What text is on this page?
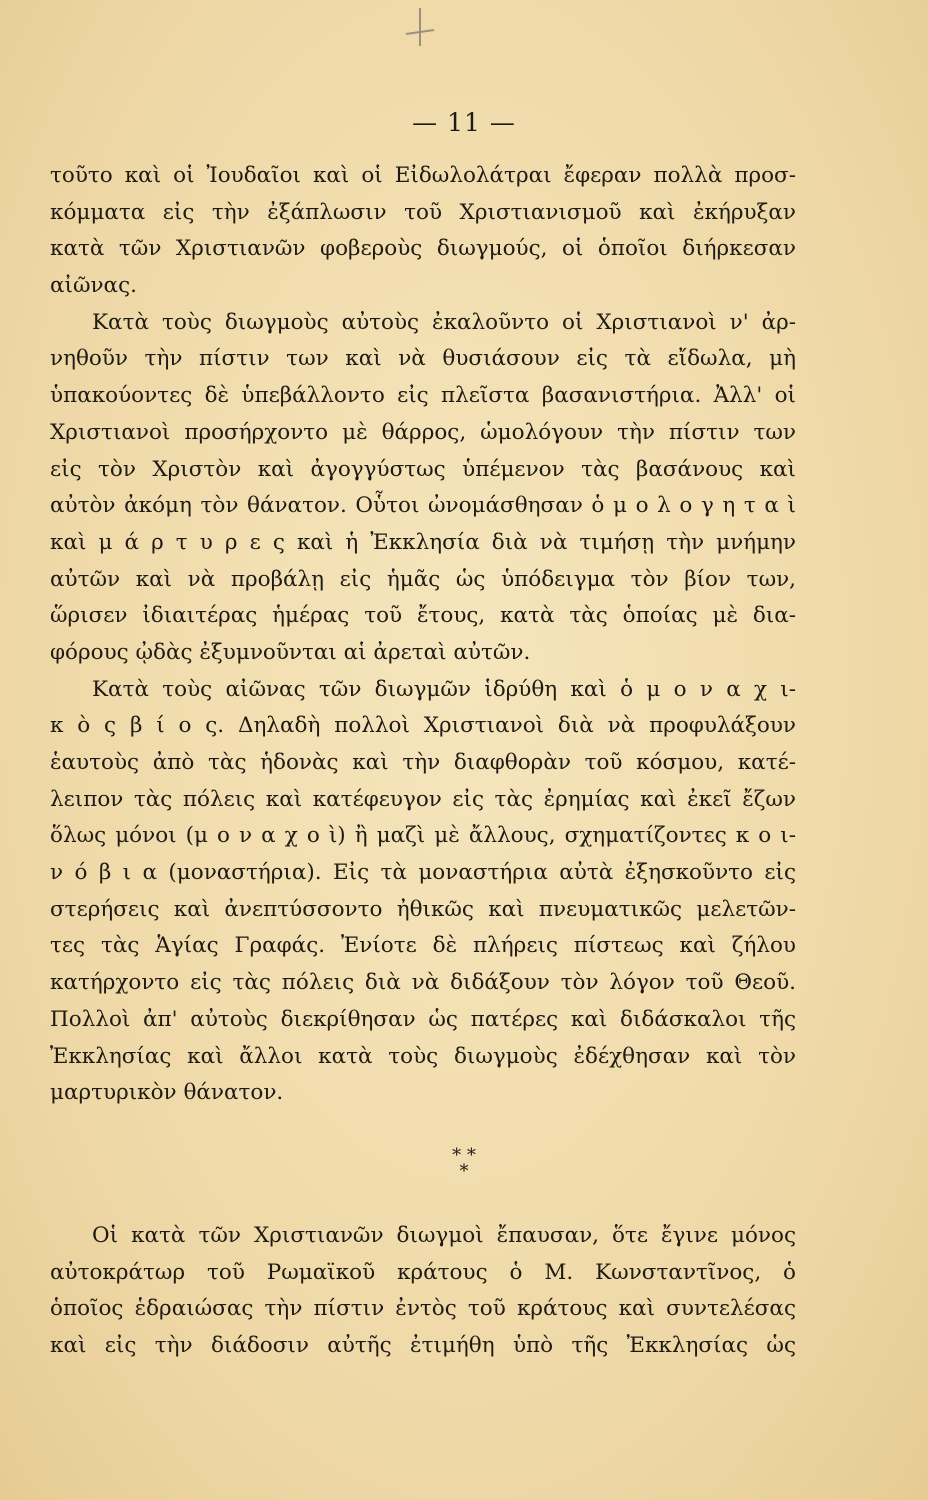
— 11 —
τοῦτο καὶ οἱ Ἰουδαῖοι καὶ οἱ Εἰδωλολάτραι ἔφεραν πολλὰ προσ-
κόμματα εἰς τὴν ἐξάπλωσιν τοῦ Χριστιανισμοῦ καὶ ἐκήρυξαν
κατὰ τῶν Χριστιανῶν φοβεροὺς διωγμούς, οἱ ὁποῖοι διήρκεσαν
αἰῶνας.
Κατὰ τοὺς διωγμοὺς αὐτοὺς ἐκαλοῦντο οἱ Χριστιανοὶ ν' ἀρ-
νηθοῦν τὴν πίστιν των καὶ νὰ θυσιάσουν εἰς τὰ εἴδωλα, μὴ
ὑπακούοντες δὲ ὑπεβάλλοντο εἰς πλεῖστα βασανιστήρια. Ἀλλ' οἱ
Χριστιανοὶ προσήρχοντο μὲ θάρρος, ὡμολόγουν τὴν πίστιν των
εἰς τὸν Χριστὸν καὶ ἀγογγύστως ὑπέμενον τὰς βασάνους καὶ
αὐτὸν ἀκόμη τὸν θάνατον. Οὗτοι ὠνομάσθησαν ὁ μ ο λ ο γ η τ α ὶ
καὶ μ ά ρ τ υ ρ ε ς καὶ ἡ Ἐκκλησία διὰ νὰ τιμήσῃ τὴν μνήμην
αὐτῶν καὶ νὰ προβάλῃ εἰς ἡμᾶς ὡς ὑπόδειγμα τὸν βίον των,
ὥρισεν ἰδιαιτέρας ἡμέρας τοῦ ἔτους, κατὰ τὰς ὁποίας μὲ δια-
φόρους ᾠδὰς ἐξυμνοῦνται αἱ ἀρεταὶ αὐτῶν.
Κατὰ τοὺς αἰῶνας τῶν διωγμῶν ἱδρύθη καὶ ὁ μ ο ν α χ ι-
κ ὸ ς β ί ο ς. Δηλαδὴ πολλοὶ Χριστιανοὶ διὰ νὰ προφυλάξουν
ἑαυτοὺς ἀπὸ τὰς ἡδονὰς καὶ τὴν διαφθορὰν τοῦ κόσμου, κατέ-
λειπον τὰς πόλεις καὶ κατέφευγον εἰς τὰς ἐρημίας καὶ ἐκεῖ ἔζων
ὅλως μόνοι (μ ο ν α χ ο ὶ) ἢ μαζὶ μὲ ἄλλους, σχηματίζοντες κ ο ι-
ν ό β ι α (μοναστήρια). Εἰς τὰ μοναστήρια αὐτὰ ἐξησκοῦντο εἰς
στερήσεις καὶ ἀνεπτύσσοντο ἠθικῶς καὶ πνευματικῶς μελετῶν-
τες τὰς Ἁγίας Γραφάς. Ἐνίοτε δὲ πλήρεις πίστεως καὶ ζήλου
κατήρχοντο εἰς τὰς πόλεις διὰ νὰ διδάξουν τὸν λόγον τοῦ Θεοῦ.
Πολλοὶ ἀπ' αὐτοὺς διεκρίθησαν ὡς πατέρες καὶ διδάσκαλοι τῆς
Ἐκκλησίας καὶ ἄλλοι κατὰ τοὺς διωγμοὺς ἐδέχθησαν καὶ τὸν
μαρτυρικὸν θάνατον.
* *
*
Οἱ κατὰ τῶν Χριστιανῶν διωγμοὶ ἔπαυσαν, ὅτε ἔγινε μόνος
αὐτοκράτωρ τοῦ Ρωμαϊκοῦ κράτους ὁ Μ. Κωνσταντῖνος, ὁ
ὁποῖος ἑδραιώσας τὴν πίστιν ἐντὸς τοῦ κράτους καὶ συντελέσας
καὶ εἰς τὴν διάδοσιν αὐτῆς ἐτιμήθη ὑπὸ τῆς Ἐκκλησίας ὡς
